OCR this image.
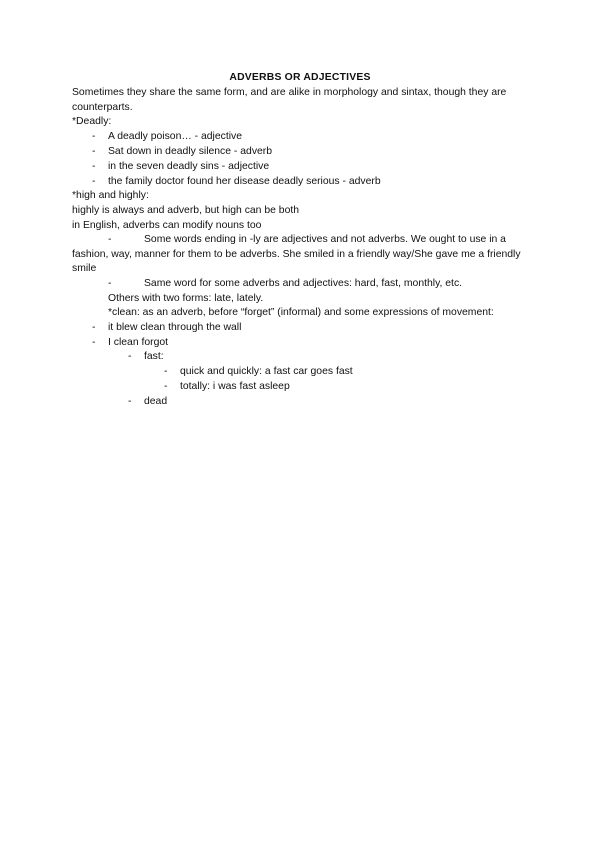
ADVERBS OR ADJECTIVES
Sometimes they share the same form, and are alike in morphology and sintax, though they are counterparts.
*Deadly:
- A deadly poison… - adjective
- Sat down in deadly silence - adverb
- in the seven deadly sins - adjective
- the family doctor found her disease deadly serious - adverb
*high and highly:
highly is always and adverb, but high can be both
in English, adverbs can modify nouns too
-	Some words ending in -ly are adjectives and not adverbs. We ought to use in a fashion, way, manner for them to be adverbs. She smiled in a friendly way/She gave me a friendly smile
-	Same word for some adverbs and adjectives: hard, fast, monthly, etc.
Others with two forms: late, lately.
*clean: as an adverb, before “forget” (informal) and some expressions of movement:
- it blew clean through the wall
- I clean forgot
- fast:
- quick and quickly: a fast car goes fast
- totally: i was fast asleep
- dead
